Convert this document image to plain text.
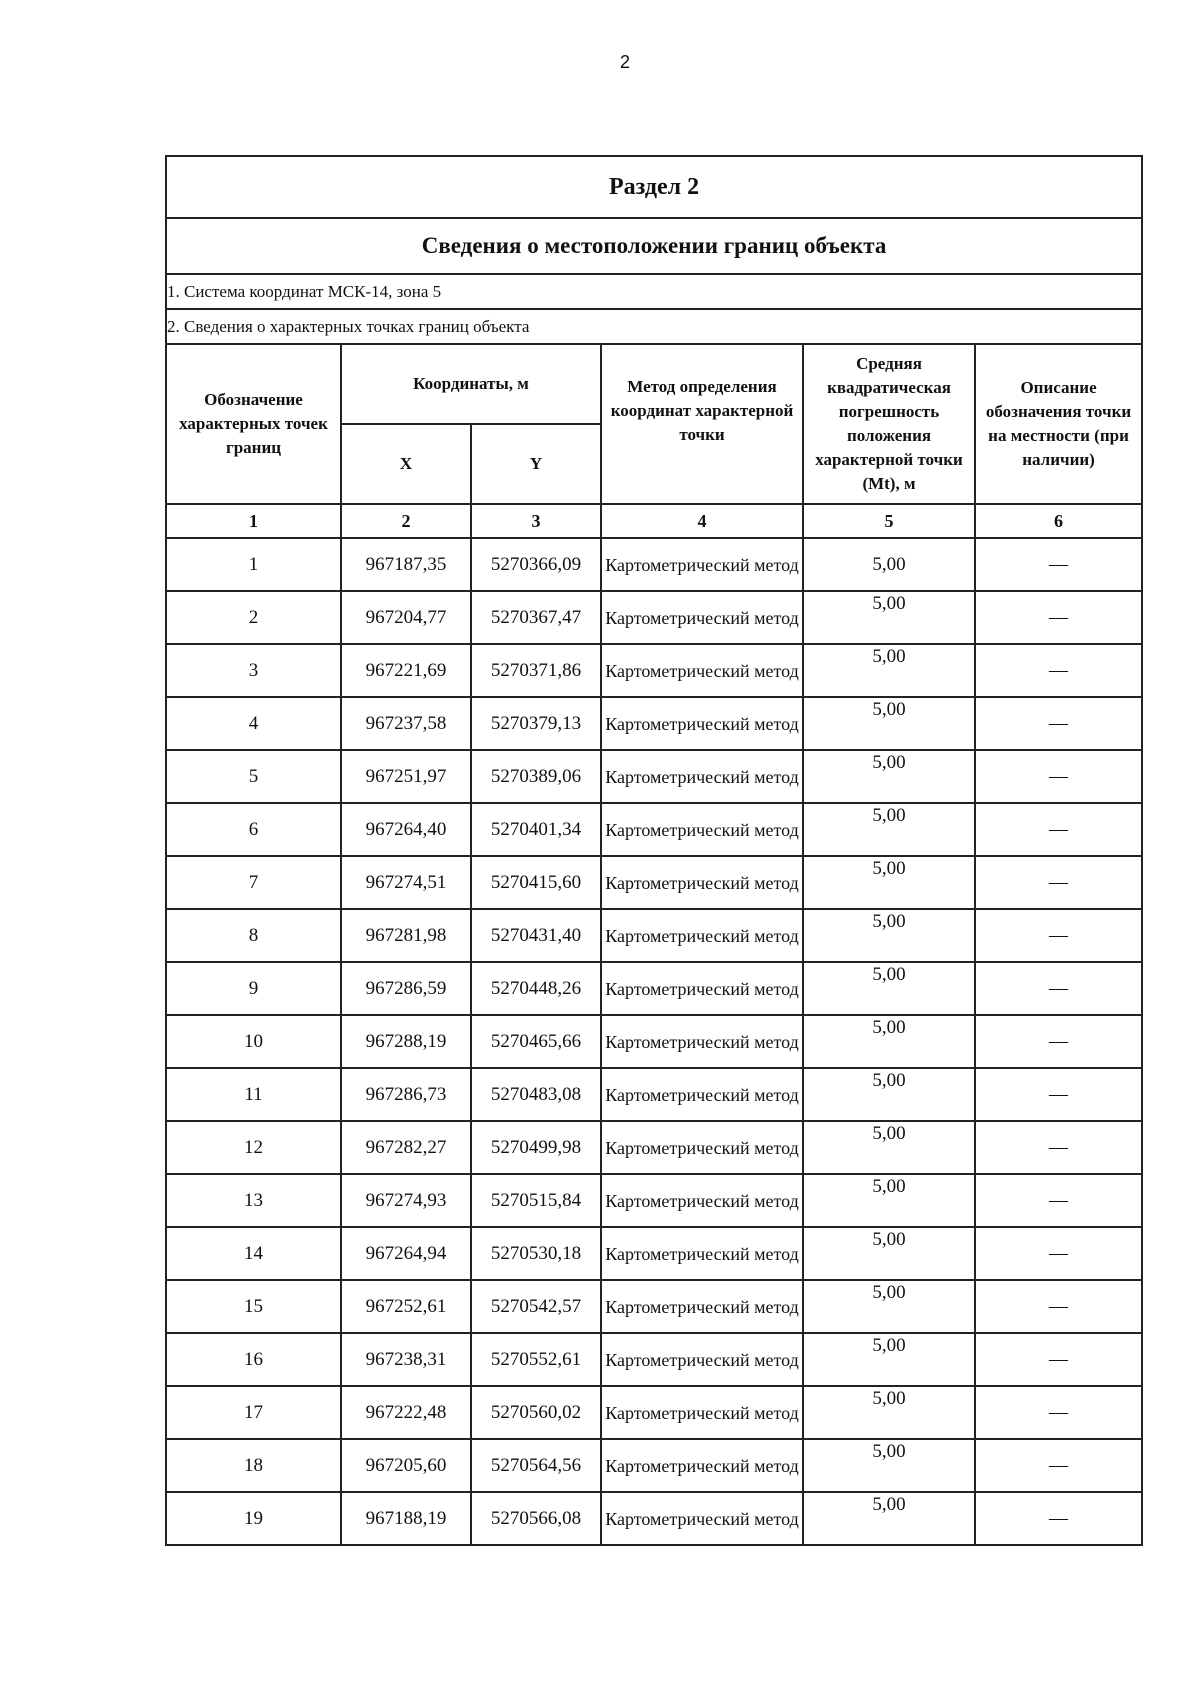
2
Раздел 2					
Сведения о местоположении границ объекта					
1. Система координат МСК-14, зона 5					
2. Сведения о характерных точках границ объекта					
Обозначение характерных точек границ	Координаты, м		Метод определения координат характерной точки	Средняя квадратическая погрешность положения характерной точки (Mt), м	Описание обозначения точки на местности (при наличии)
	X	Y			
1	2	3	4	5	6
1	967187,35	5270366,09	Картометрический метод	5,00	—
2	967204,77	5270367,47	Картометрический метод	5,00	—
3	967221,69	5270371,86	Картометрический метод	5,00	—
4	967237,58	5270379,13	Картометрический метод	5,00	—
5	967251,97	5270389,06	Картометрический метод	5,00	—
6	967264,40	5270401,34	Картометрический метод	5,00	—
7	967274,51	5270415,60	Картометрический метод	5,00	—
8	967281,98	5270431,40	Картометрический метод	5,00	—
9	967286,59	5270448,26	Картометрический метод	5,00	—
10	967288,19	5270465,66	Картометрический метод	5,00	—
11	967286,73	5270483,08	Картометрический метод	5,00	—
12	967282,27	5270499,98	Картометрический метод	5,00	—
13	967274,93	5270515,84	Картометрический метод	5,00	—
14	967264,94	5270530,18	Картометрический метод	5,00	—
15	967252,61	5270542,57	Картометрический метод	5,00	—
16	967238,31	5270552,61	Картометрический метод	5,00	—
17	967222,48	5270560,02	Картометрический метод	5,00	—
18	967205,60	5270564,56	Картометрический метод	5,00	—
19	967188,19	5270566,08	Картометрический метод	5,00	—
